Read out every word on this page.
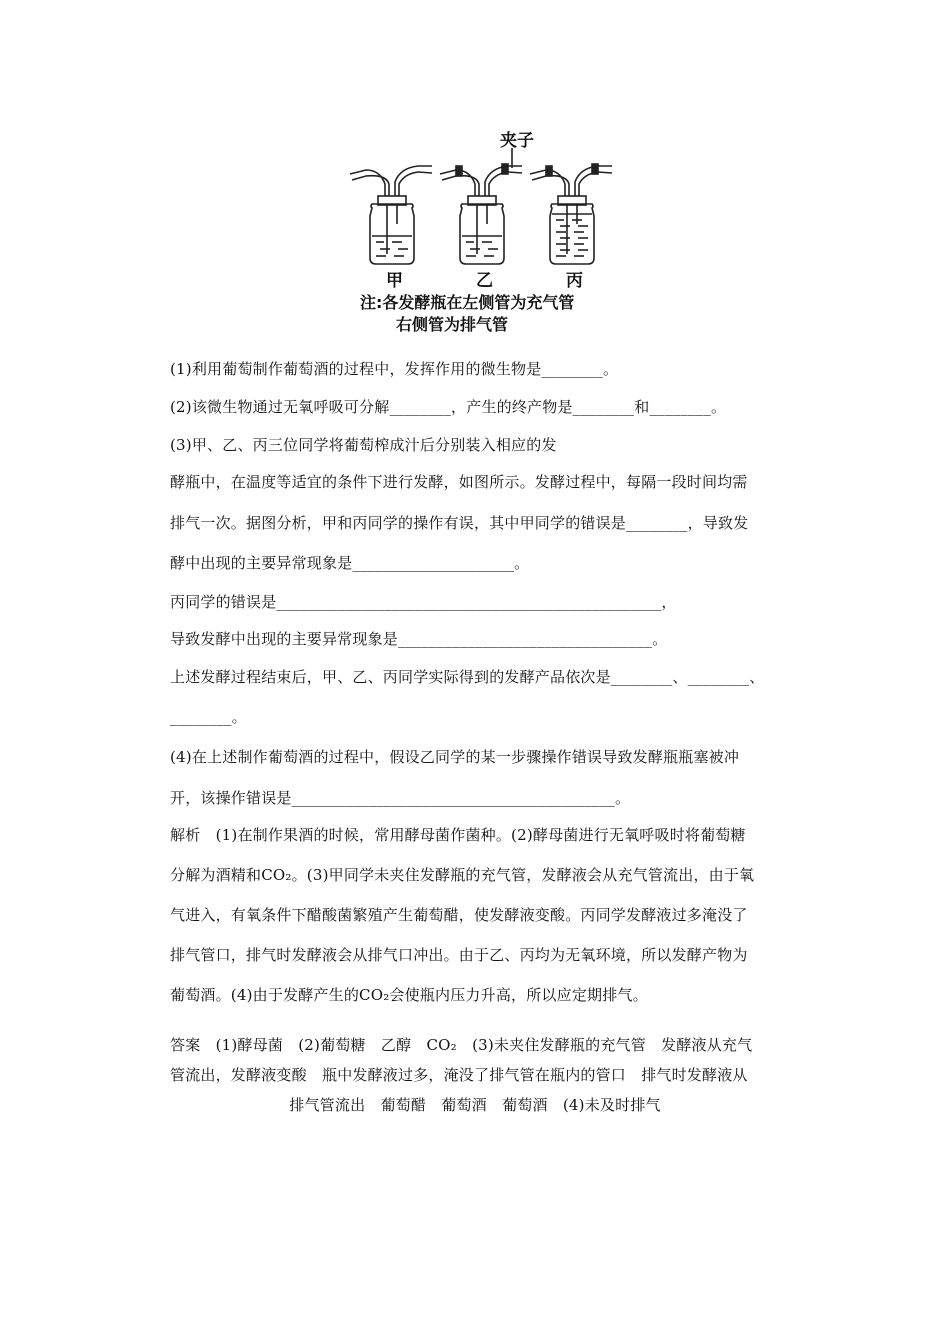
夹子
甲	乙	丙
注:各发酵瓶在左侧管为充气管
右侧管为排气管
(1)利用葡萄制作葡萄酒的过程中，发挥作用的微生物是________。
(2)该微生物通过无氧呼吸可分解________，产生的终产物是________和________。
(3)甲、乙、丙三位同学将葡萄榨成汁后分别装入相应的发
酵瓶中，在温度等适宜的条件下进行发酵，如图所示。发酵过程中，每隔一段时间均需
排气一次。据图分析，甲和丙同学的操作有误，其中甲同学的错误是________，导致发
酵中出现的主要异常现象是_____________________。
丙同学的错误是__________________________________________________，
导致发酵中出现的主要异常现象是_________________________________。
上述发酵过程结束后，甲、乙、丙同学实际得到的发酵产品依次是________、________、
________。
(4)在上述制作葡萄酒的过程中，假设乙同学的某一步骤操作错误导致发酵瓶瓶塞被冲
开，该操作错误是__________________________________________。
解析　(1)在制作果酒的时候，常用酵母菌作菌种。(2)酵母菌进行无氧呼吸时将葡萄糖
分解为酒精和CO₂。(3)甲同学未夹住发酵瓶的充气管，发酵液会从充气管流出，由于氧
气进入，有氧条件下醋酸菌繁殖产生葡萄醋，使发酵液变酸。丙同学发酵液过多淹没了
排气管口，排气时发酵液会从排气口冲出。由于乙、丙均为无氧环境，所以发酵产物为
葡萄酒。(4)由于发酵产生的CO₂会使瓶内压力升高，所以应定期排气。
答案　(1)酵母菌　(2)葡萄糖　乙醇　CO₂　(3)未夹住发酵瓶的充气管　发酵液从充气
管流出，发酵液变酸　瓶中发酵液过多，淹没了排气管在瓶内的管口　排气时发酵液从
排气管流出　葡萄醋　葡萄酒　葡萄酒　(4)未及时排气
